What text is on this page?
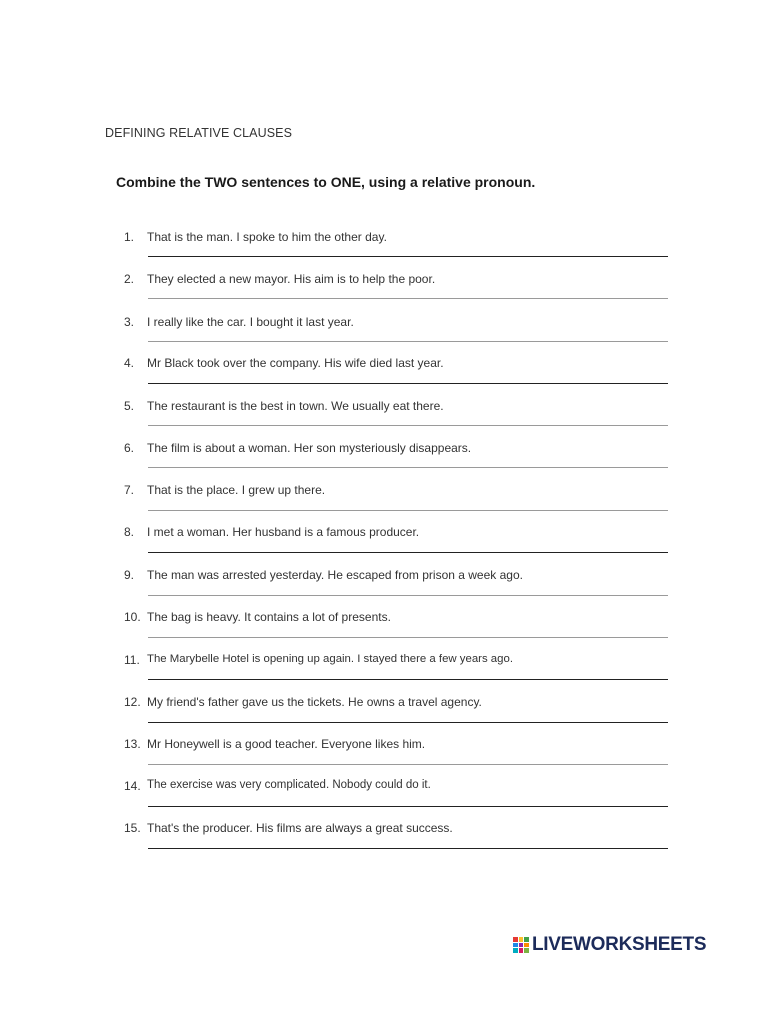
DEFINING RELATIVE CLAUSES
Combine the TWO sentences to ONE, using a relative pronoun.
1. That is the man. I spoke to him the other day.
2. They elected a new mayor. His aim is to help the poor.
3. I really like the car. I bought it last year.
4. Mr Black took over the company. His wife died last year.
5. The restaurant is the best in town. We usually eat there.
6. The film is about a woman. Her son mysteriously disappears.
7. That is the place. I grew up there.
8. I met a woman. Her husband is a famous producer.
9. The man was arrested yesterday. He escaped from prison a week ago.
10. The bag is heavy. It contains a lot of presents.
11. The Marybelle Hotel is opening up again. I stayed there a few years ago.
12. My friend's father gave us the tickets. He owns a travel agency.
13. Mr Honeywell is a good teacher. Everyone likes him.
14. The exercise was very complicated. Nobody could do it.
15. That's the producer. His films are always a great success.
LIVEWORKSHEETS
